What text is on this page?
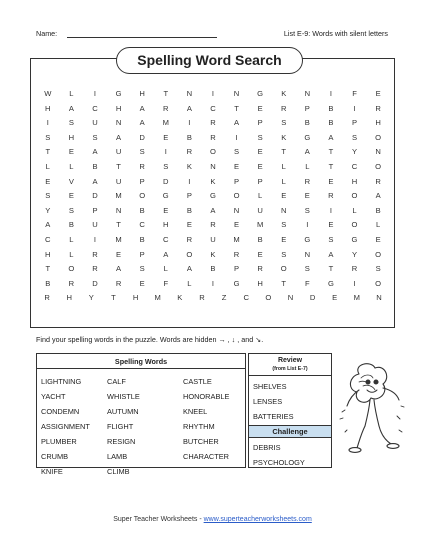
Name:	List E-9: Words with silent letters
Spelling Word Search
W	L	I	G	H	T	N	I	N	G	K	N	I	F	E
H	A	C	H	A	R	A	C	T	E	R	P	B	I	R
I	S	U	N	A	M	I	R	A	P	S	B	B	P	H
S	H	S	A	D	E	B	R	I	S	K	G	A	S	O
T	E	A	U	S	I	R	O	S	E	T	A	T	Y	N
L	L	B	T	R	S	K	N	E	E	L	L	T	C	O
E	V	A	U	P	D	I	K	P	P	L	R	E	H	R
S	E	D	M	O	G	P	G	O	L	E	E	R	O	A
Y	S	P	N	B	E	B	A	N	U	N	S	I	L	B
A	B	U	T	C	H	E	R	E	M	S	I	E	O	L
C	L	I	M	B	C	R	U	M	B	E	G	S	G	E
H	L	R	E	P	A	O	K	R	E	S	N	A	Y	O
T	O	R	A	S	L	A	B	P	R	O	S	T	R	S
B	R	D	R	E	F	L	I	G	H	T	F	G	I	O
R	H	Y	T	H	M	K	R	Z	C	O	N	D	E	M	N
Find your spelling words in the puzzle. Words are hidden → , ↓ , and ↘.
Spelling Words
LIGHTNING
YACHT
CONDEMN
ASSIGNMENT
PLUMBER
CRUMB
KNIFE
CALF
WHISTLE
AUTUMN
FLIGHT
RESIGN
LAMB
CLIMB
CASTLE
HONORABLE
KNEEL
RHYTHM
BUTCHER
CHARACTER
Review
(from List E-7)
SHELVES
LENSES
BATTERIES
Challenge
DEBRIS
PSYCHOLOGY
Super Teacher Worksheets - www.superteacherworksheets.com
